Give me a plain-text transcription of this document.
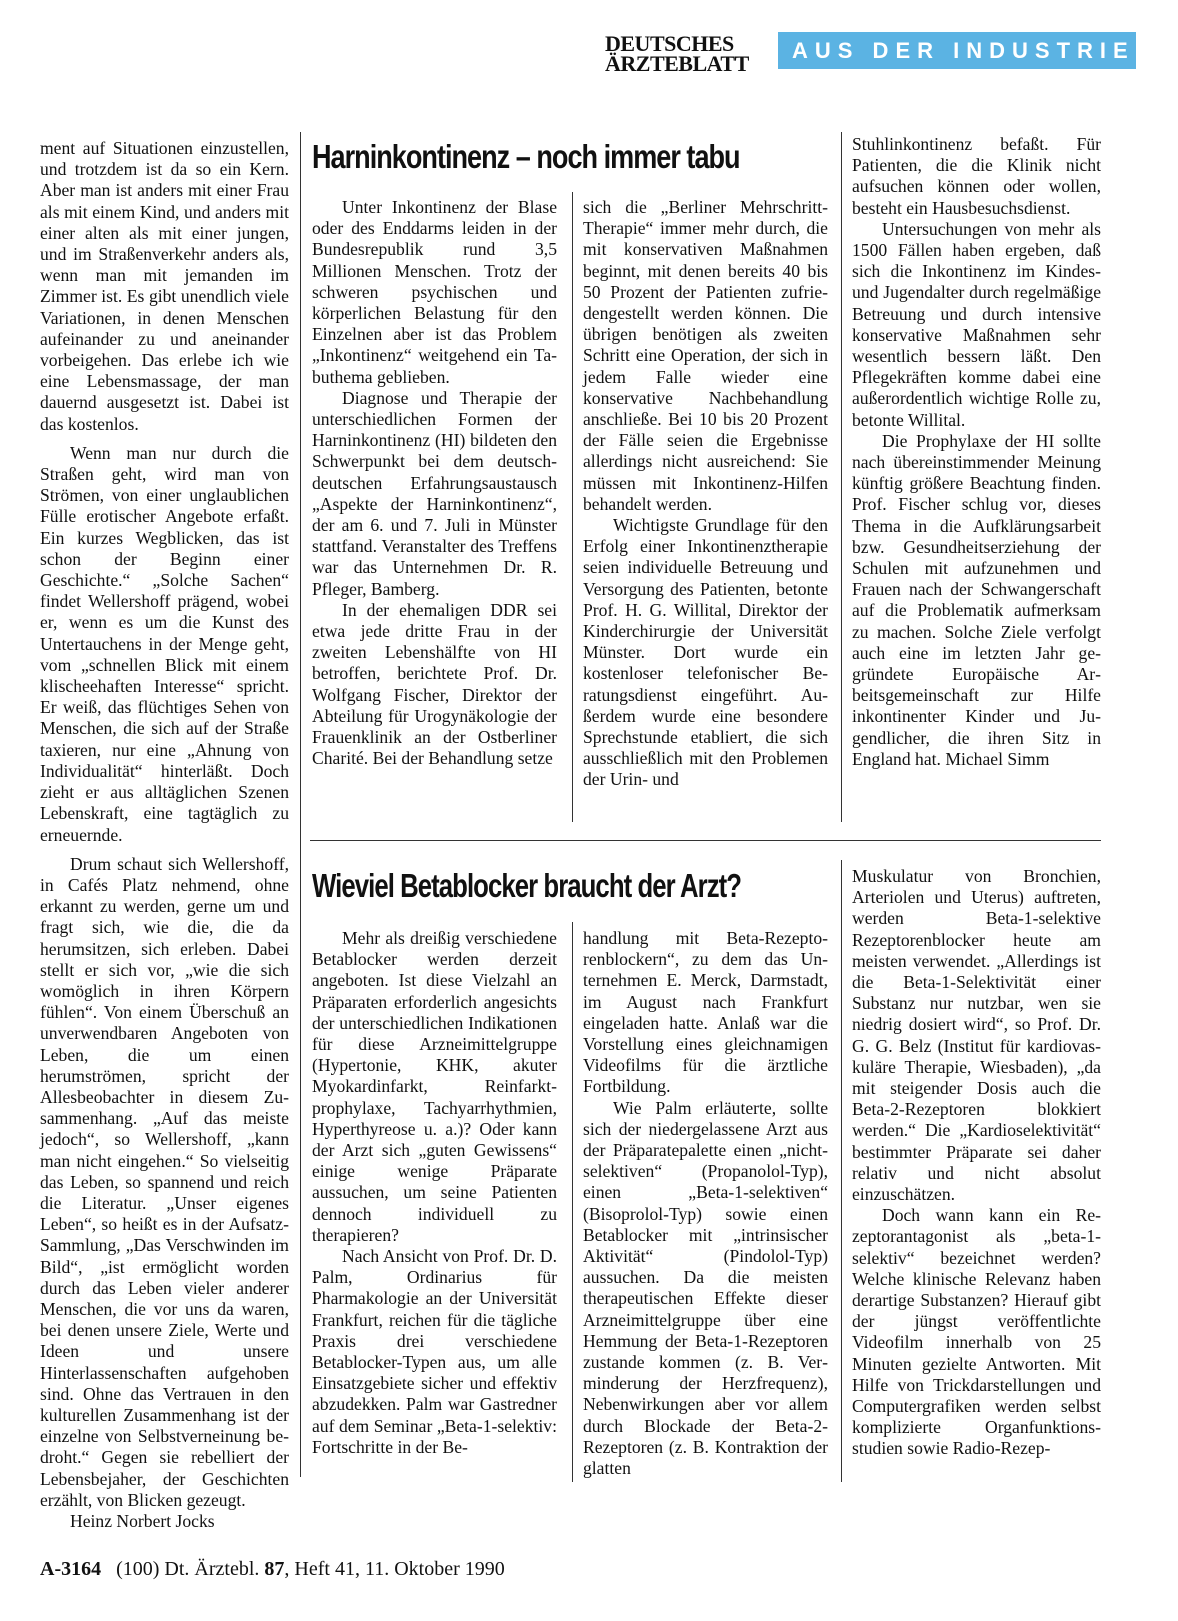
DEUTSCHES
ÄRZTEBLATT
AUS DER INDUSTRIE

ment auf Situationen einzustellen, und trotzdem ist da so ein Kern. Aber man ist anders mit einer Frau als mit einem Kind, und anders mit einer alten als mit einer jungen, und im Straßenverkehr anders als, wenn man mit jemanden im Zimmer ist. Es gibt unendlich viele Variationen, in denen Menschen aufeinander zu und aneinander vorbeigehen. Das erlebe ich wie eine Lebensmassage, der man dauernd ausgesetzt ist. Dabei ist das kostenlos.

Wenn man nur durch die Straßen geht, wird man von Strömen, von einer unglaublichen Fülle erotischer Angebote erfaßt. Ein kurzes Wegblicken, das ist schon der Beginn einer Geschichte.“ „Solche Sachen“ findet Wellershoff prägend, wobei er, wenn es um die Kunst des Untertauchens in der Menge geht, vom „schnellen Blick mit einem klischeehaften Interesse“ spricht. Er weiß, das flüchtiges Sehen von Menschen, die sich auf der Straße taxieren, nur eine „Ahnung von Individualität“ hinterläßt. Doch zieht er aus alltäglichen Szenen Lebenskraft, eine tagtäglich zu erneuernde.

Drum schaut sich Wellershoff, in Cafés Platz nehmend, ohne erkannt zu werden, gerne um und fragt sich, wie die, die da herumsitzen, sich erleben. Dabei stellt er sich vor, „wie die sich womöglich in ihren Körpern fühlen“. Von einem Überschuß an unverwendbaren Angeboten von Leben, die um einen herumströmen, spricht der Allesbeobachter in diesem Zusammenhang. „Auf das meiste jedoch“, so Wellershoff, „kann man nicht eingehen.“ So vielseitig das Leben, so spannend und reich die Literatur. „Unser eigenes Leben“, so heißt es in der Aufsatz-Sammlung, „Das Verschwinden im Bild“, „ist ermöglicht worden durch das Leben vieler anderer Menschen, die vor uns da waren, bei denen unsere Ziele, Werte und Ideen und unsere Hinterlassenschaften aufgehoben sind. Ohne das Vertrauen in den kulturellen Zusammenhang ist der einzelne von Selbstverneinung bedroht.“ Gegen sie rebelliert der Lebensbejaher, der Geschichten erzählt, von Blicken gezeugt.

Heinz Norbert Jocks

Harninkontinenz – noch immer tabu

Unter Inkontinenz der Blase oder des Enddarms leiden in der Bundesrepublik rund 3,5 Millionen Menschen. Trotz der schweren psychischen und körperlichen Belastung für den Einzelnen aber ist das Problem „Inkontinenz“ weitgehend ein Tabuthema geblieben.

Diagnose und Therapie der unterschiedlichen Formen der Harninkontinenz (HI) bildeten den Schwerpunkt bei dem deutsch-deutschen Erfahrungsaustausch „Aspekte der Harninkontinenz“, der am 6. und 7. Juli in Münster stattfand. Veranstalter des Treffens war das Unternehmen Dr. R. Pfleger, Bamberg.

In der ehemaligen DDR sei etwa jede dritte Frau in der zweiten Lebenshälfte von HI betroffen, berichtete Prof. Dr. Wolfgang Fischer, Direktor der Abteilung für Urogynäkologie der Frauenklinik an der Ostberliner Charité. Bei der Behandlung setze

sich die „Berliner Mehrschritt-Therapie“ immer mehr durch, die mit konservativen Maßnahmen beginnt, mit denen bereits 40 bis 50 Prozent der Patienten zufriedengestellt werden können. Die übrigen benötigen als zweiten Schritt eine Operation, der sich in jedem Falle wieder eine konservative Nachbehandlung anschließe. Bei 10 bis 20 Prozent der Fälle seien die Ergebnisse allerdings nicht ausreichend: Sie müssen mit Inkontinenz-Hilfen behandelt werden.

Wichtigste Grundlage für den Erfolg einer Inkontinenztherapie seien individuelle Betreuung und Versorgung des Patienten, betonte Prof. H. G. Willital, Direktor der Kinderchirurgie der Universität Münster. Dort wurde ein kostenloser telefonischer Beratungsdienst eingeführt. Außerdem wurde eine besondere Sprechstunde etabliert, die sich ausschließlich mit den Problemen der Urin- und

Stuhlinkontinenz befaßt. Für Patienten, die die Klinik nicht aufsuchen können oder wollen, besteht ein Hausbesuchsdienst.

Untersuchungen von mehr als 1500 Fällen haben ergeben, daß sich die Inkontinenz im Kindes- und Jugendalter durch regelmäßige Betreuung und durch intensive konservative Maßnahmen sehr wesentlich bessern läßt. Den Pflegekräften komme dabei eine außerordentlich wichtige Rolle zu, betonte Willital.

Die Prophylaxe der HI sollte nach übereinstimmender Meinung künftig größere Beachtung finden. Prof. Fischer schlug vor, dieses Thema in die Aufklärungsarbeit bzw. Gesundheitserziehung der Schulen mit aufzunehmen und Frauen nach der Schwangerschaft auf die Problematik aufmerksam zu machen. Solche Ziele verfolgt auch eine im letzten Jahr gegründete Europäische Arbeitsgemeinschaft zur Hilfe inkontinenter Kinder und Jugendlicher, die ihren Sitz in England hat. Michael Simm

Wieviel Betablocker braucht der Arzt?

Mehr als dreißig verschiedene Betablocker werden derzeit angeboten. Ist diese Vielzahl an Präparaten erforderlich angesichts der unterschiedlichen Indikationen für diese Arzneimittelgruppe (Hypertonie, KHK, akuter Myokardinfarkt, Reinfarktprophylaxe, Tachyarrhythmien, Hyperthyreose u. a.)? Oder kann der Arzt sich „guten Gewissens“ einige wenige Präparate aussuchen, um seine Patienten dennoch individuell zu therapieren?

Nach Ansicht von Prof. Dr. D. Palm, Ordinarius für Pharmakologie an der Universität Frankfurt, reichen für die tägliche Praxis drei verschiedene Betablocker-Typen aus, um alle Einsatzgebiete sicher und effektiv abzudekken. Palm war Gastredner auf dem Seminar „Beta-1-selektiv: Fortschritte in der Be-

handlung mit Beta-Rezeptorenblockern“, zu dem das Unternehmen E. Merck, Darmstadt, im August nach Frankfurt eingeladen hatte. Anlaß war die Vorstellung eines gleichnamigen Videofilms für die ärztliche Fortbildung.

Wie Palm erläuterte, sollte sich der niedergelassene Arzt aus der Präparatepalette einen „nicht-selektiven“ (Propanolol-Typ), einen „Beta-1-selektiven“ (Bisoprolol-Typ) sowie einen Betablocker mit „intrinsischer Aktivität“ (Pindolol-Typ) aussuchen. Da die meisten therapeutischen Effekte dieser Arzneimittelgruppe über eine Hemmung der Beta-1-Rezeptoren zustande kommen (z. B. Verminderung der Herzfrequenz), Nebenwirkungen aber vor allem durch Blockade der Beta-2-Rezeptoren (z. B. Kontraktion der glatten

Muskulatur von Bronchien, Arteriolen und Uterus) auftreten, werden Beta-1-selektive Rezeptorenblocker heute am meisten verwendet. „Allerdings ist die Beta-1-Selektivität einer Substanz nur nutzbar, wen sie niedrig dosiert wird“, so Prof. Dr. G. G. Belz (Institut für kardiovaskuläre Therapie, Wiesbaden), „da mit steigender Dosis auch die Beta-2-Rezeptoren blokkiert werden.“ Die „Kardioselektivität“ bestimmter Präparate sei daher relativ und nicht absolut einzuschätzen.

Doch wann kann ein Rezeptorantagonist als „beta-1-selektiv“ bezeichnet werden? Welche klinische Relevanz haben derartige Substanzen? Hierauf gibt der jüngst veröffentlichte Videofilm innerhalb von 25 Minuten gezielte Antworten. Mit Hilfe von Trickdarstellungen und Computergrafiken werden selbst komplizierte Organfunktionsstudien sowie Radio-Rezep-

A-3164 (100) Dt. Ärztebl. 87, Heft 41, 11. Oktober 1990
